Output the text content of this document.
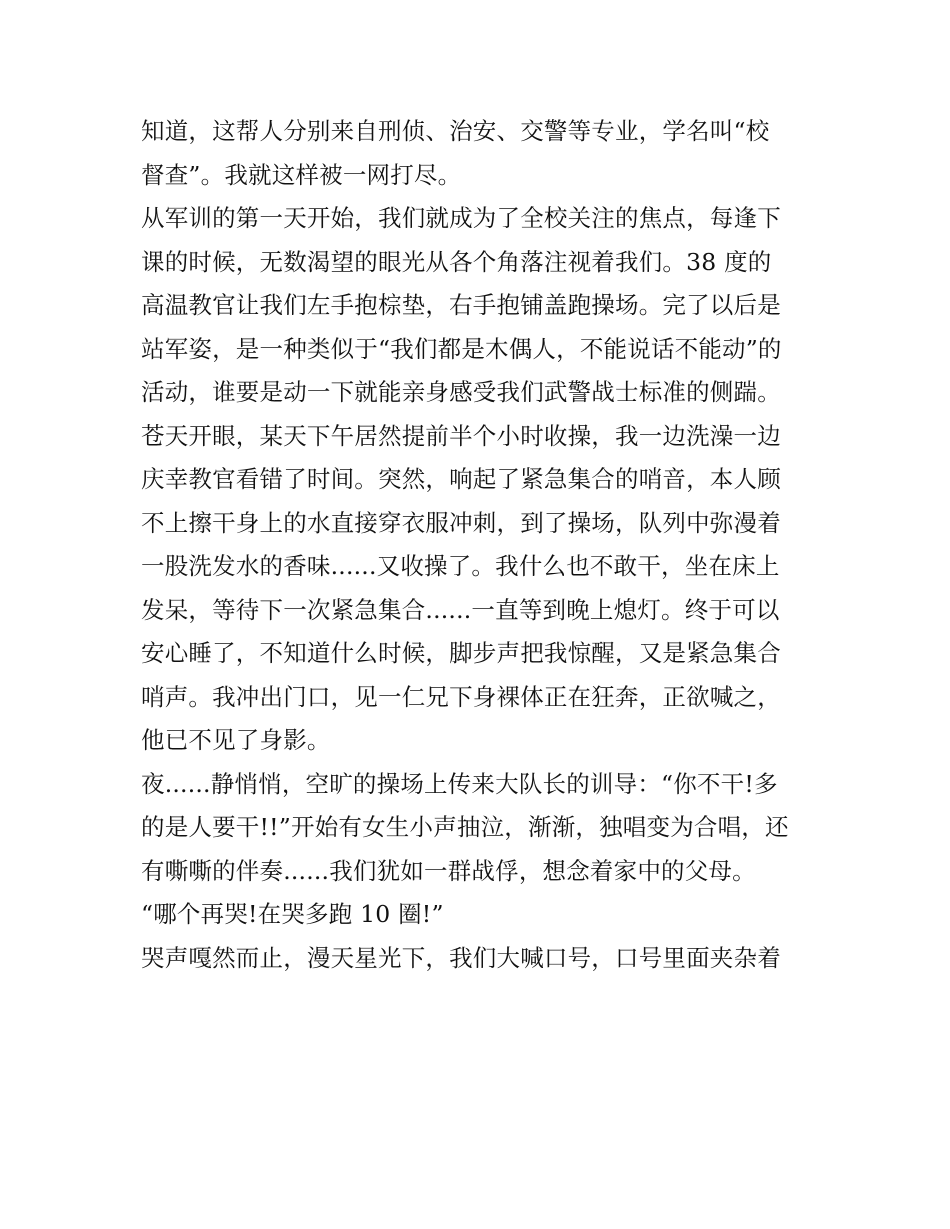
知道，这帮人分别来自刑侦、治安、交警等专业，学名叫“校
督查”。我就这样被一网打尽。
从军训的第一天开始，我们就成为了全校关注的焦点，每逢下
课的时候，无数渴望的眼光从各个角落注视着我们。38 度的
高温教官让我们左手抱棕垫，右手抱铺盖跑操场。完了以后是
站军姿，是一种类似于“我们都是木偶人，不能说话不能动”的
活动，谁要是动一下就能亲身感受我们武警战士标准的侧踹。
苍天开眼，某天下午居然提前半个小时收操，我一边洗澡一边
庆幸教官看错了时间。突然，响起了紧急集合的哨音，本人顾
不上擦干身上的水直接穿衣服冲刺，到了操场，队列中弥漫着
一股洗发水的香味......又收操了。我什么也不敢干，坐在床上
发呆，等待下一次紧急集合......一直等到晚上熄灯。终于可以
安心睡了，不知道什么时候，脚步声把我惊醒，又是紧急集合
哨声。我冲出门口，见一仁兄下身裸体正在狂奔，正欲喊之，
他已不见了身影。
夜......静悄悄，空旷的操场上传来大队长的训导：“你不干!多
的是人要干!!”开始有女生小声抽泣，渐渐，独唱变为合唱，还
有嘶嘶的伴奏......我们犹如一群战俘，想念着家中的父母。
“哪个再哭!在哭多跑 10 圈!”
哭声嘎然而止，漫天星光下，我们大喊口号，口号里面夹杂着
